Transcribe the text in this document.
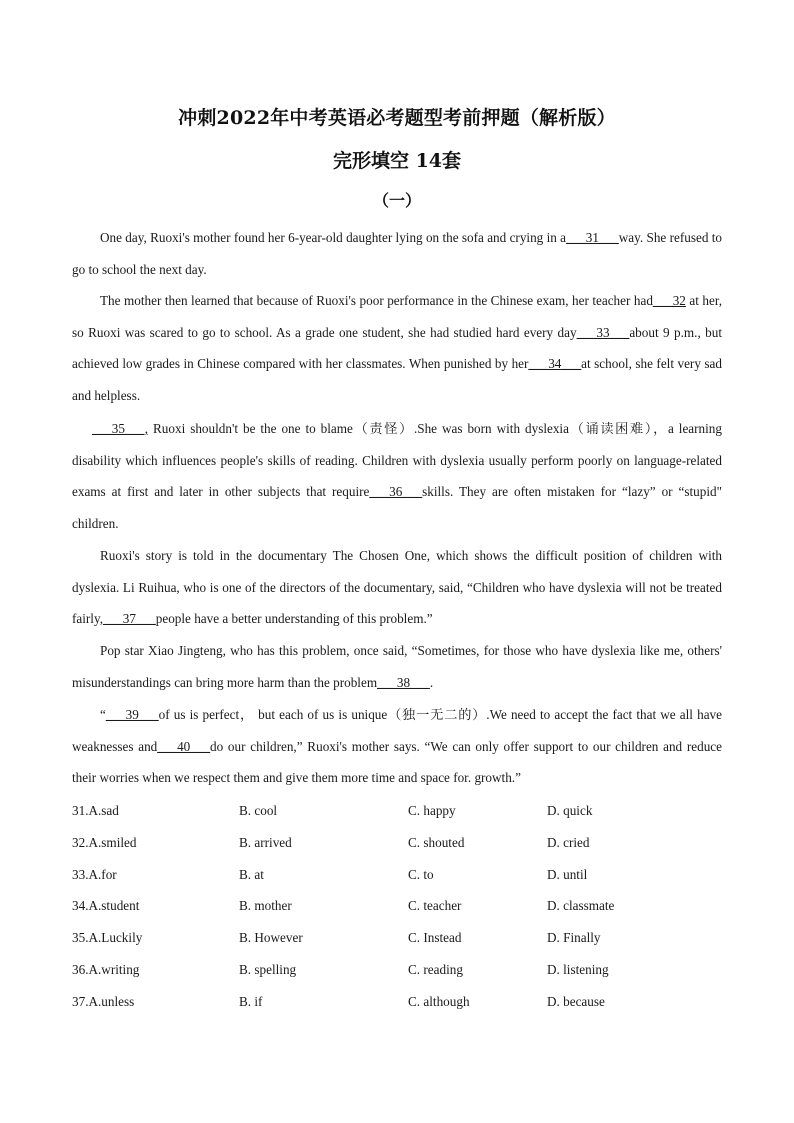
冲刺2022年中考英语必考题型考前押题（解析版）
完形填空 14套
（一）
One day, Ruoxi's mother found her 6-year-old daughter lying on the sofa and crying in a___31___way. She refused to go to school the next day.
The mother then learned that because of Ruoxi's poor performance in the Chinese exam, her teacher had___32 at her, so Ruoxi was scared to go to school. As a grade one student, she had studied hard every day___33___about 9 p.m., but achieved low grades in Chinese compared with her classmates. When punished by her___34___at school, she felt very sad and helpless.
___35___, Ruoxi shouldn't be the one to blame（责怪）.She was born with dyslexia（诵读困难），a learning disability which influences people's skills of reading. Children with dyslexia usually perform poorly on language-related exams at first and later in other subjects that require___36___skills. They are often mistaken for “lazy” or “stupid" children.
Ruoxi's story is told in the documentary The Chosen One, which shows the difficult position of children with dyslexia. Li Ruihua, who is one of the directors of the documentary, said, “Children who have dyslexia will not be treated fairly,___37___people have a better understanding of this problem.”
Pop star Xiao Jingteng, who has this problem, once said, “Sometimes, for those who have dyslexia like me, others' misunderstandings can bring more harm than the problem___38___.
“___39___of us is perfect， but each of us is unique（独一无二的）.We need to accept the fact that we all have weaknesses and___40___do our children,” Ruoxi's mother says. “We can only offer support to our children and reduce their worries when we respect them and give them more time and space for. growth.”
31.A.sad	B. cool	C. happy	D. quick
32.A.smiled	B. arrived	C. shouted	D. cried
33.A.for	B. at	C. to	D. until
34.A.student	B. mother	C. teacher	D. classmate
35.A.Luckily	B. However	C. Instead	D. Finally
36.A.writing	B. spelling	C. reading	D. listening
37.A.unless	B. if	C. although	D. because
